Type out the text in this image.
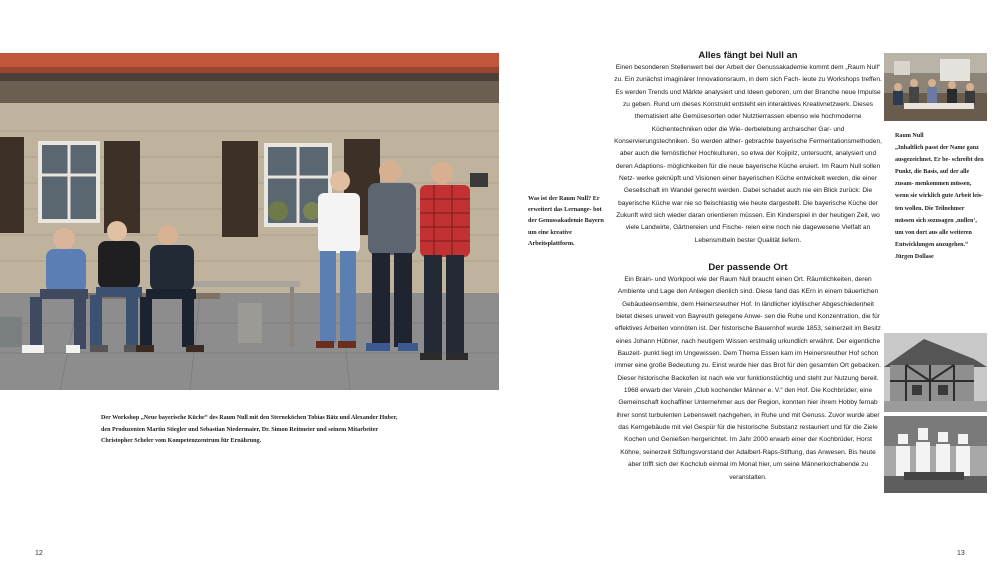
Der Workshop „Neue bayerische Küche“ des Raum Null mit den Sterneköchen Tobias Bätz und Alexander Huber, den Produzenten Martin Stiegler und Sebastian Niedermaier, Dr. Simon Reitmeier und seinem Mitarbeiter Christopher Scheler vom Kompetenzzentrum für Ernährung.
Was ist der Raum Null? Er erweitert das Lernange- bot der Genussakademie Bayern um eine kreative Arbeitsplattform.
12
Alles fängt bei Null an
Einen besonderen Stellenwert bei der Arbeit der Genussakademie kommt dem „Raum Null“ zu. Ein zunächst imaginärer Innovationsraum, in dem sich Fach- leute zu Workshops treffen. Es werden Trends und Märkte analysiert und Ideen geboren, um der Branche neue Impulse zu geben. Rund um dieses Konstrukt entsteht ein interaktives Kreativnetzwerk. Dieses thematisiert alte Gemüsesorten oder Nutztierrassen ebenso wie hochmoderne Küchentechniken oder die Wie- derbelebung archaischer Gar- und Konservierungstechniken. So werden alther- gebrachte bayerische Fermentationsmethoden, aber auch die fernöstlicher Hochkulturen, so etwa der Kojipilz, untersucht, analysiert und deren Adaptions- möglichkeiten für die neue bayerische Küche eruiert. Im Raum Null sollen Netz- werke geknüpft und Visionen einer bayerischen Küche entwickelt werden, die einer Gesellschaft im Wandel gerecht werden. Dabei schadet auch nie ein Blick zurück: Die bayerische Küche war nie so fleischlastig wie heute dargestellt. Die bayerische Küche der Zukunft wird sich wieder daran orientieren müssen. Ein Kinderspiel in der heutigen Zeit, wo viele Landwirte, Gärtnereien und Fische- reien eine noch nie dagewesene Vielfalt an Lebensmitteln bester Qualität liefern.
Der passende Ort
Ein Brain- und Workpool wie der Raum Null braucht einen Ort. Räumlichkeiten, deren Ambiente und Lage den Anliegen dienlich sind. Diese fand das KErn in einem bäuerlichen Gebäudeensemble, dem Heinersreuther Hof. In ländlicher idyllischer Abgeschiedenheit bietet dieses unweit von Bayreuth gelegene Anwe- sen die Ruhe und Konzentration, die für effektives Arbeiten vonnöten ist. Der historische Bauernhof wurde 1853, seinerzeit im Besitz eines Johann Hübner, nach heutigem Wissen erstmalig urkundlich erwähnt. Der eigentliche Bauzeit- punkt liegt im Ungewissen. Dem Thema Essen kam im Heinersreuther Hof schon immer eine große Bedeutung zu. Einst wurde hier das Brot für den gesamten Ort gebacken. Dieser historische Backofen ist nach wie vor funktionstüchtig und steht zur Nutzung bereit. 1968 erwarb der Verein „Club kochender Männer e. V.“ den Hof. Die Kochbrüder, eine Gemeinschaft kochaffiner Unternehmer aus der Region, konnten hier ihrem Hobby fernab ihrer sonst turbulenten Lebenswelt nachgehen, in Ruhe und mit Genuss. Zuvor wurde aber das Kerngebäude mit viel Gespür für die historische Substanz restauriert und für die Ziele Kochen und Genießen hergerichtet. Im Jahr 2000 erwarb einer der Kochbrüder, Horst Köhne, seinerzeit Stiftungsvorstand der Adalbert-Raps-Stiftung, das Anwesen. Bis heute aber trifft sich der Kochclub einmal im Monat hier, um seine Männerkochabende zu veranstalten.
13
Raum Null
„Inhaltlich passt der Name ganz ausgezeichnet. Er be- schreibt den Punkt, die Basis, auf der alle zusam- menkommen müssen, wenn sie wirklich gute Arbeit leis- ten wollen. Die Teilnehmer müssen sich sozusagen ‚nullen‘, um von dort aus alle weiteren Entwicklungen anzugehen.“
Jürgen Dollase
